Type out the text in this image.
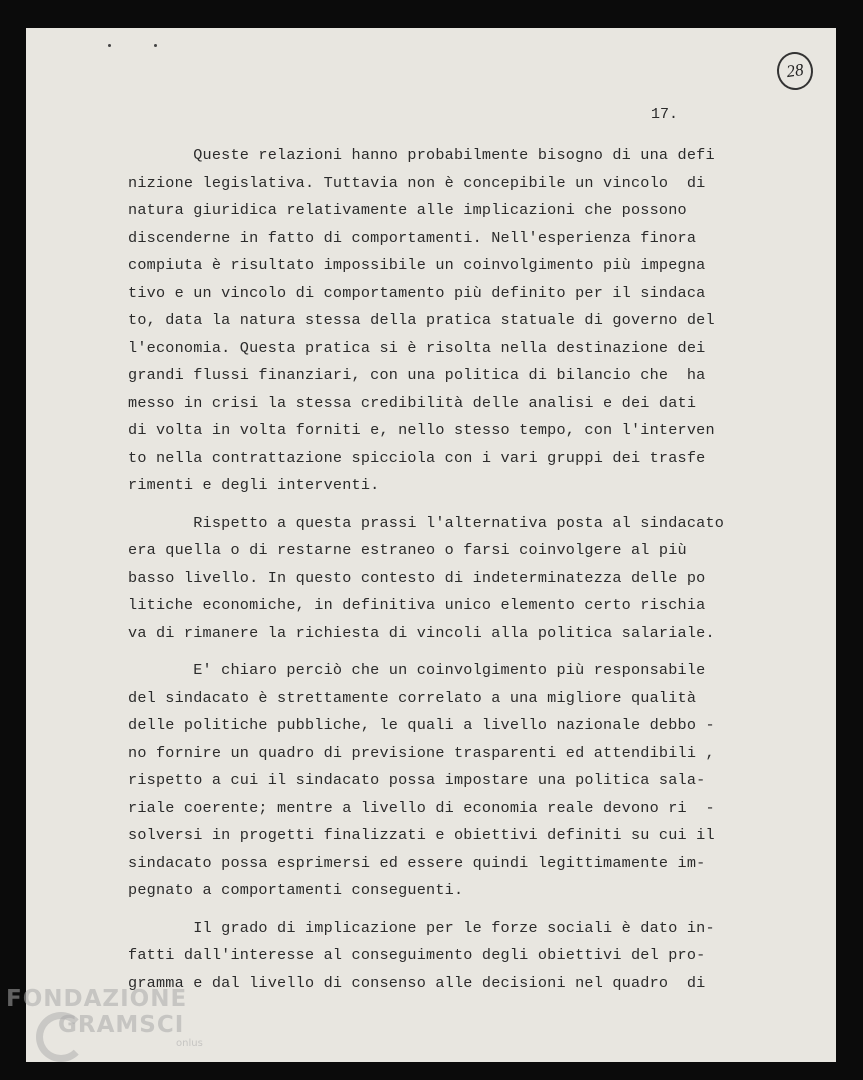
28
17.
Queste relazioni hanno probabilmente bisogno di una defi
nizione legislativa. Tuttavia non è concepibile un vincolo  di
natura giuridica relativamente alle implicazioni che possono
discenderne in fatto di comportamenti. Nell'esperienza finora
compiuta è risultato impossibile un coinvolgimento più impegna
tivo e un vincolo di comportamento più definito per il sindaca
to, data la natura stessa della pratica statuale di governo del
l'economia. Questa pratica si è risolta nella destinazione dei
grandi flussi finanziari, con una politica di bilancio che  ha
messo in crisi la stessa credibilità delle analisi e dei dati
di volta in volta forniti e, nello stesso tempo, con l'interven
to nella contrattazione spicciola con i vari gruppi dei trasfe
rimenti e degli interventi.
Rispetto a questa prassi l'alternativa posta al sindacato
era quella o di restarne estraneo o farsi coinvolgere al più
basso livello. In questo contesto di indeterminatezza delle po
litiche economiche, in definitiva unico elemento certo rischia
va di rimanere la richiesta di vincoli alla politica salariale.
E' chiaro perciò che un coinvolgimento più responsabile
del sindacato è strettamente correlato a una migliore qualità
delle politiche pubbliche, le quali a livello nazionale debbo -
no fornire un quadro di previsione trasparenti ed attendibili ,
rispetto a cui il sindacato possa impostare una politica sala-
riale coerente; mentre a livello di economia reale devono ri  -
solversi in progetti finalizzati e obiettivi definiti su cui il
sindacato possa esprimersi ed essere quindi legittimamente im-
pegnato a comportamenti conseguenti.
Il grado di implicazione per le forze sociali è dato in-
fatti dall'interesse al conseguimento degli obiettivi del pro-
gramma e dal livello di consenso alle decisioni nel quadro  di
FONDAZIONE
GRAMSCI
onlus
